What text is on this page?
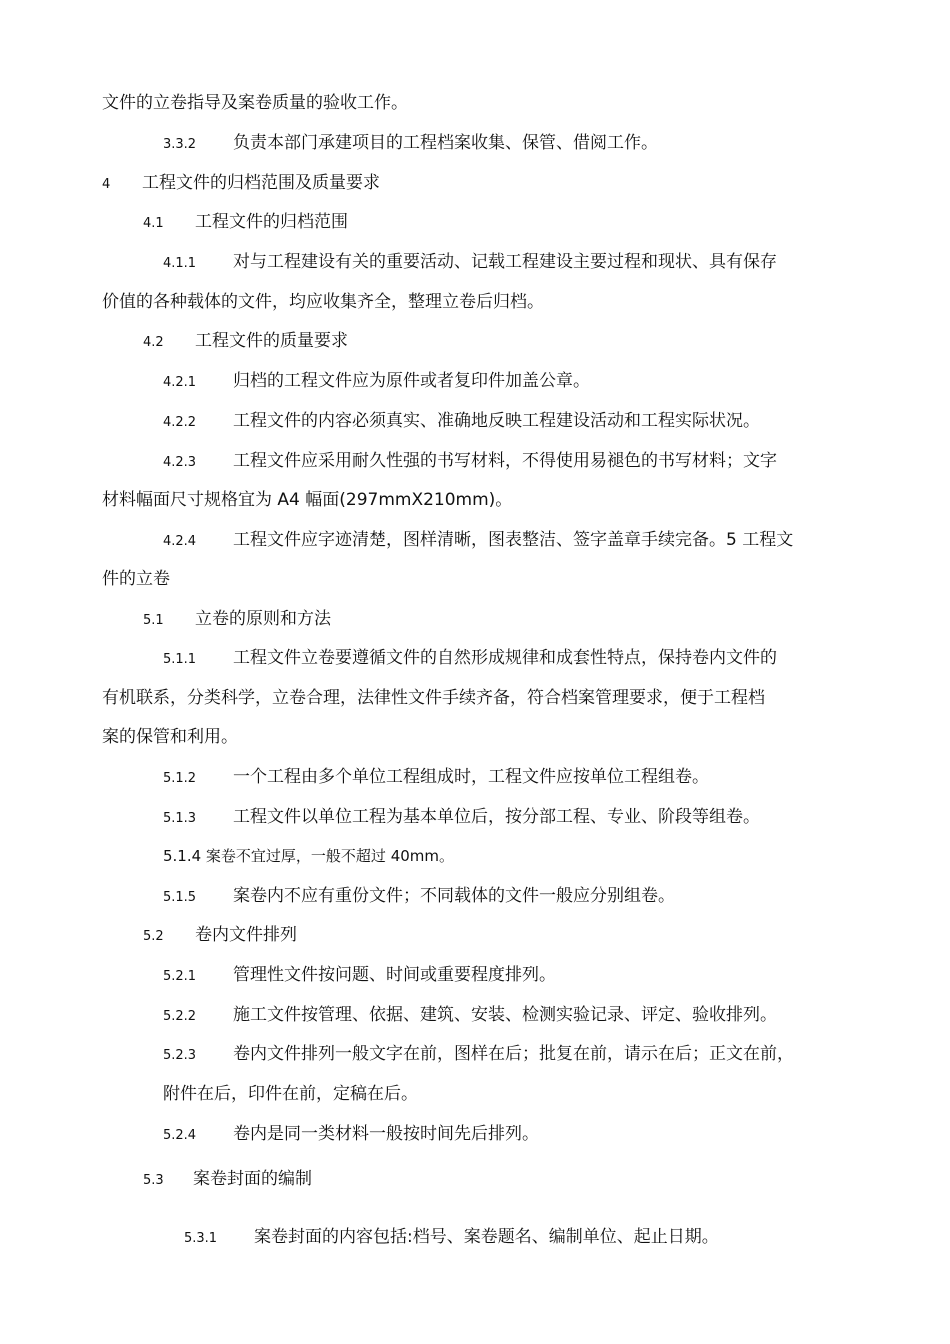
文件的立卷指导及案卷质量的验收工作。
3.3.2 负责本部门承建项目的工程档案收集、保管、借阅工作。
4 工程文件的归档范围及质量要求
4.1 工程文件的归档范围
4.1.1 对与工程建设有关的重要活动、记载工程建设主要过程和现状、具有保存
价值的各种载体的文件，均应收集齐全，整理立卷后归档。
4.2 工程文件的质量要求
4.2.1 归档的工程文件应为原件或者复印件加盖公章。
4.2.2 工程文件的内容必须真实、准确地反映工程建设活动和工程实际状况。
4.2.3 工程文件应采用耐久性强的书写材料，不得使用易褪色的书写材料；文字
材料幅面尺寸规格宜为 A4 幅面(297mmX210mm)。
4.2.4 工程文件应字迹清楚，图样清晰，图表整洁、签字盖章手续完备。5 工程文
件的立卷
5.1 立卷的原则和方法
5.1.1 工程文件立卷要遵循文件的自然形成规律和成套性特点，保持卷内文件的
有机联系，分类科学，立卷合理，法律性文件手续齐备，符合档案管理要求，便于工程档
案的保管和利用。
5.1.2 一个工程由多个单位工程组成时，工程文件应按单位工程组卷。
5.1.3 工程文件以单位工程为基本单位后，按分部工程、专业、阶段等组卷。
5.1.4 案卷不宜过厚，一般不超过 40mm。
5.1.5 案卷内不应有重份文件；不同载体的文件一般应分别组卷。
5.2 卷内文件排列
5.2.1 管理性文件按问题、时间或重要程度排列。
5.2.2 施工文件按管理、依据、建筑、安装、检测实验记录、评定、验收排列。
5.2.3 卷内文件排列一般文字在前，图样在后；批复在前，请示在后；正文在前，
附件在后，印件在前，定稿在后。
5.2.4 卷内是同一类材料一般按时间先后排列。
5.3 案卷封面的编制
5.3.1 案卷封面的内容包括:档号、案卷题名、编制单位、起止日期。
